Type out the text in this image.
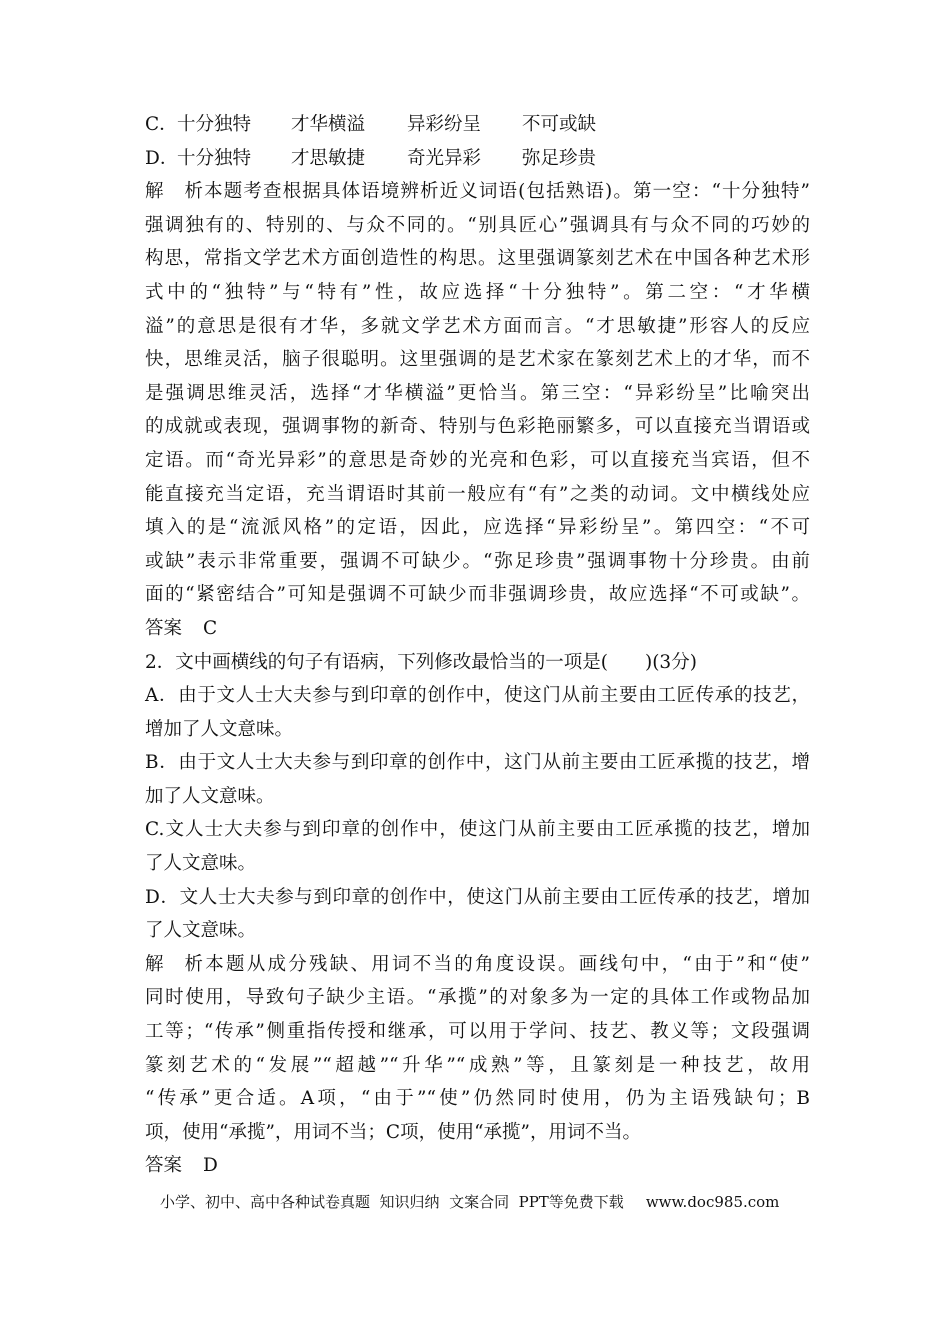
C．十分独特 才华横溢 异彩纷呈 不可或缺
D．十分独特 才思敏捷 奇光异彩 弥足珍贵
解析本题考查根据具体语境辨析近义词语(包括熟语)。第一空：“十分独特”
强调独有的、特别的、与众不同的。“别具匠心”强调具有与众不同的巧妙的
构思，常指文学艺术方面创造性的构思。这里强调篆刻艺术在中国各种艺术形
式中的“独特”与“特有”性，故应选择“十分独特”。第二空：“才华横
溢”的意思是很有才华，多就文学艺术方面而言。“才思敏捷”形容人的反应
快，思维灵活，脑子很聪明。这里强调的是艺术家在篆刻艺术上的才华，而不
是强调思维灵活，选择“才华横溢”更恰当。第三空：“异彩纷呈”比喻突出
的成就或表现，强调事物的新奇、特别与色彩艳丽繁多，可以直接充当谓语或
定语。而“奇光异彩”的意思是奇妙的光亮和色彩，可以直接充当宾语，但不
能直接充当定语，充当谓语时其前一般应有“有”之类的动词。文中横线处应
填入的是“流派风格”的定语，因此，应选择“异彩纷呈”。第四空：“不可
或缺”表示非常重要，强调不可缺少。“弥足珍贵”强调事物十分珍贵。由前
面的“紧密结合”可知是强调不可缺少而非强调珍贵，故应选择“不可或缺”。
答案 C
2．文中画横线的句子有语病，下列修改最恰当的一项是(　　)(3分)
A．由于文人士大夫参与到印章的创作中，使这门从前主要由工匠传承的技艺，
增加了人文意味。
B．由于文人士大夫参与到印章的创作中，这门从前主要由工匠承揽的技艺，增
加了人文意味。
C.文人士大夫参与到印章的创作中，使这门从前主要由工匠承揽的技艺，增加
了人文意味。
D．文人士大夫参与到印章的创作中，使这门从前主要由工匠传承的技艺，增加
了人文意味。
解析本题从成分残缺、用词不当的角度设误。画线句中，“由于”和“使”
同时使用，导致句子缺少主语。“承揽”的对象多为一定的具体工作或物品加
工等；“传承”侧重指传授和继承，可以用于学问、技艺、教义等；文段强调
篆刻艺术的“发展”“超越”“升华”“成熟”等，且篆刻是一种技艺，故用
“传承”更合适。A项，“由于”“使”仍然同时使用，仍为主语残缺句；B
项，使用“承揽”，用词不当；C项，使用“承揽”，用词不当。
答案 D
小学、初中、高中各种试卷真题  知识归纳  文案合同  PPT等免费下载 www.doc985.com
